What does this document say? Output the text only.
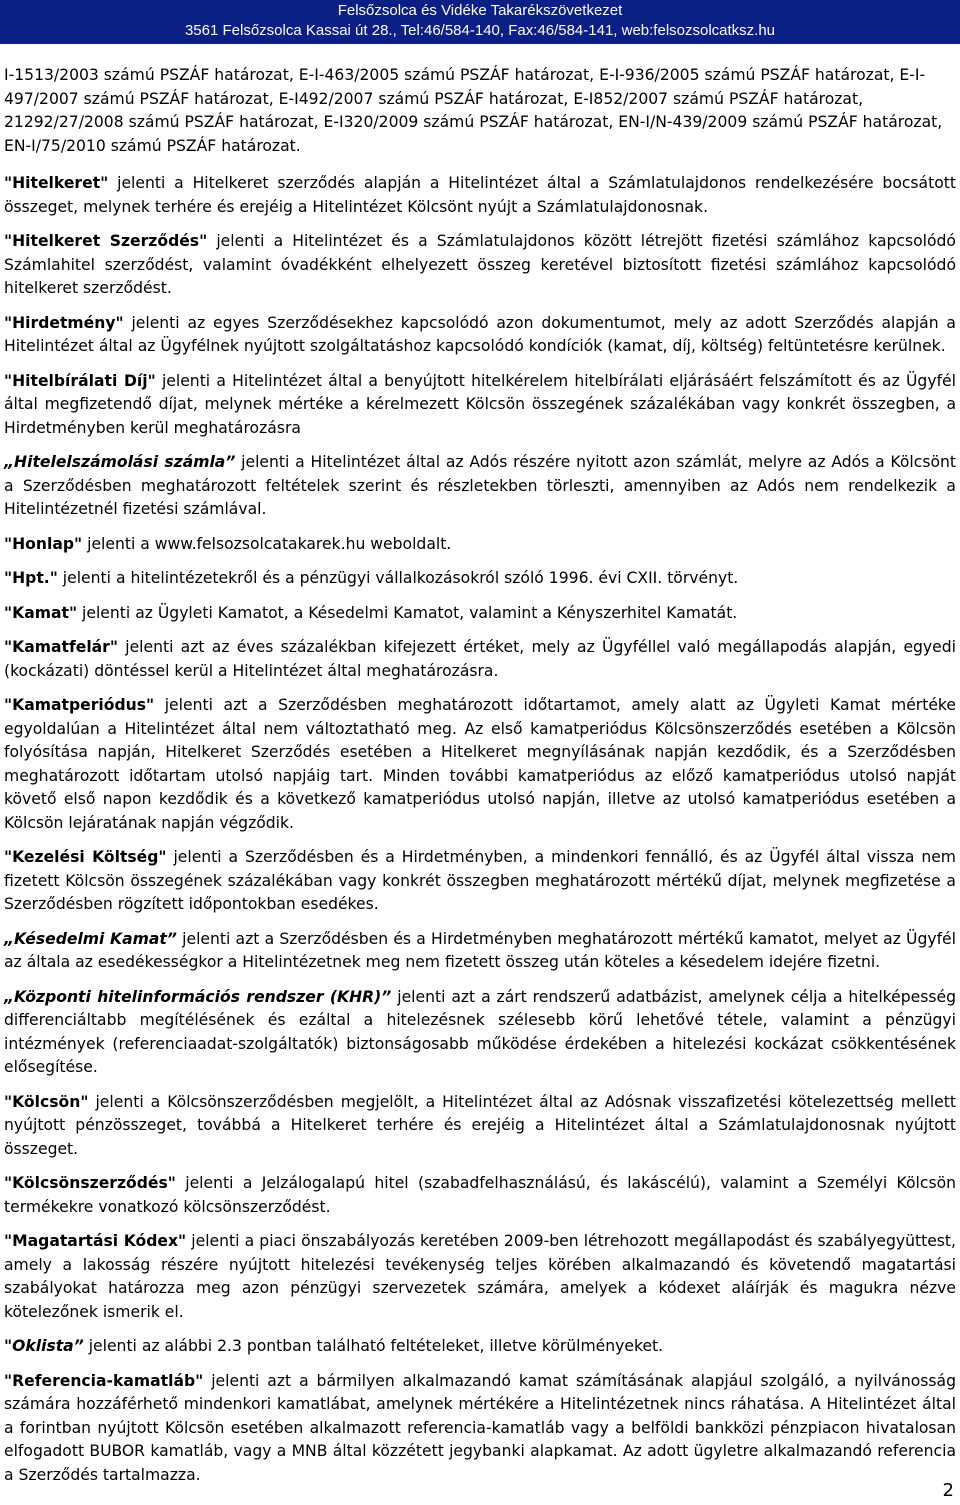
Felsőzsolca és Vidéke Takarékszövetkezet
3561 Felsőzsolca Kassai út 28., Tel:46/584-140, Fax:46/584-141, web:felsozsolcatksz.hu

I-1513/2003 számú PSZÁF határozat, E-I-463/2005 számú PSZÁF határozat, E-I-936/2005 számú PSZÁF határozat, E-I-497/2007 számú PSZÁF határozat, E-I492/2007 számú PSZÁF határozat, E-I852/2007 számú PSZÁF határozat, 21292/27/2008 számú PSZÁF határozat, E-I320/2009 számú PSZÁF határozat, EN-I/N-439/2009 számú PSZÁF határozat, EN-I/75/2010 számú PSZÁF határozat.

"Hitelkeret" jelenti a Hitelkeret szerződés alapján a Hitelintézet által a Számlatulajdonos rendelkezésére bocsátott összeget, melynek terhére és erejéig a Hitelintézet Kölcsönt nyújt a Számlatulajdonosnak.

"Hitelkeret Szerződés" jelenti a Hitelintézet és a Számlatulajdonos között létrejött fizetési számlához kapcsolódó Számlahitel szerződést, valamint óvadékként elhelyezett összeg keretével biztosított fizetési számlához kapcsolódó hitelkeret szerződést.

"Hirdetmény" jelenti az egyes Szerződésekhez kapcsolódó azon dokumentumot, mely az adott Szerződés alapján a Hitelintézet által az Ügyfélnek nyújtott szolgáltatáshoz kapcsolódó kondíciók (kamat, díj, költség) feltüntetésre kerülnek.

"Hitelbírálati Díj" jelenti a Hitelintézet által a benyújtott hitelkérelem hitelbírálati eljárásáért felszámított és az Ügyfél által megfizetendő díjat, melynek mértéke a kérelmezett Kölcsön összegének százalékában vagy konkrét összegben, a Hirdetményben kerül meghatározásra

„Hitelelszámolási számla” jelenti a Hitelintézet által az Adós részére nyitott azon számlát, melyre az Adós a Kölcsönt a Szerződésben meghatározott feltételek szerint és részletekben törleszti, amennyiben az Adós nem rendelkezik a Hitelintézetnél fizetési számlával.

"Honlap" jelenti a www.felsozsolcatakarek.hu weboldalt.

"Hpt." jelenti a hitelintézetekről és a pénzügyi vállalkozásokról szóló 1996. évi CXII. törvényt.

"Kamat" jelenti az Ügyleti Kamatot, a Késedelmi Kamatot, valamint a Kényszerhitel Kamatát.

"Kamatfelár" jelenti azt az éves százalékban kifejezett értéket, mely az Ügyféllel való megállapodás alapján, egyedi (kockázati) döntéssel kerül a Hitelintézet által meghatározásra.

"Kamatperiódus" jelenti azt a Szerződésben meghatározott időtartamot, amely alatt az Ügyleti Kamat mértéke egyoldalúan a Hitelintézet által nem változtatható meg. Az első kamatperiódus Kölcsönszerződés esetében a Kölcsön folyósítása napján, Hitelkeret Szerződés esetében a Hitelkeret megnyílásának napján kezdődik, és a Szerződésben meghatározott időtartam utolsó napjáig tart. Minden további kamatperiódus az előző kamatperiódus utolsó napját követő első napon kezdődik és a következő kamatperiódus utolsó napján, illetve az utolsó kamatperiódus esetében a Kölcsön lejáratának napján végződik.

"Kezelési Költség" jelenti a Szerződésben és a Hirdetményben, a mindenkori fennálló, és az Ügyfél által vissza nem fizetett Kölcsön összegének százalékában vagy konkrét összegben meghatározott mértékű díjat, melynek megfizetése a Szerződésben rögzített időpontokban esedékes.

„Késedelmi Kamat” jelenti azt a Szerződésben és a Hirdetményben meghatározott mértékű kamatot, melyet az Ügyfél az általa az esedékességkor a Hitelintézetnek meg nem fizetett összeg után köteles a késedelem idejére fizetni.

„Központi hitelinformációs rendszer (KHR)” jelenti azt a zárt rendszerű adatbázist, amelynek célja a hitelképesség differenciáltabb megítélésének és ezáltal a hitelezésnek szélesebb körű lehetővé tétele, valamint a pénzügyi intézmények (referenciaadat-szolgáltatók) biztonságosabb működése érdekében a hitelezési kockázat csökkentésének elősegítése.

"Kölcsön" jelenti a Kölcsönszerződésben megjelölt, a Hitelintézet által az Adósnak visszafizetési kötelezettség mellett nyújtott pénzösszeget, továbbá a Hitelkeret terhére és erejéig a Hitelintézet által a Számlatulajdonosnak nyújtott összeget.

"Kölcsönszerződés" jelenti a Jelzálogalapú hitel (szabadfelhasználású, és lakáscélú), valamint a Személyi Kölcsön termékekre vonatkozó kölcsönszerződést.

"Magatartási Kódex" jelenti a piaci önszabályozás keretében 2009-ben létrehozott megállapodást és szabályegyüttest, amely a lakosság részére nyújtott hitelezési tevékenység teljes körében alkalmazandó és követendő magatartási szabályokat határozza meg azon pénzügyi szervezetek számára, amelyek a kódexet aláírják és magukra nézve kötelezőnek ismerik el.

"Oklista” jelenti az alábbi 2.3 pontban található feltételeket, illetve körülményeket.

"Referencia-kamatláb" jelenti azt a bármilyen alkalmazandó kamat számításának alapjául szolgáló, a nyilvánosság számára hozzáférhető mindenkori kamatlábat, amelynek mértékére a Hitelintézetnek nincs ráhatása. A Hitelintézet által a forintban nyújtott Kölcsön esetében alkalmazott referencia-kamatláb vagy a belföldi bankközi pénzpiacon hivatalosan elfogadott BUBOR kamatláb, vagy a MNB által közzétett jegybanki alapkamat. Az adott ügyletre alkalmazandó referencia a Szerződés tartalmazza.

2
